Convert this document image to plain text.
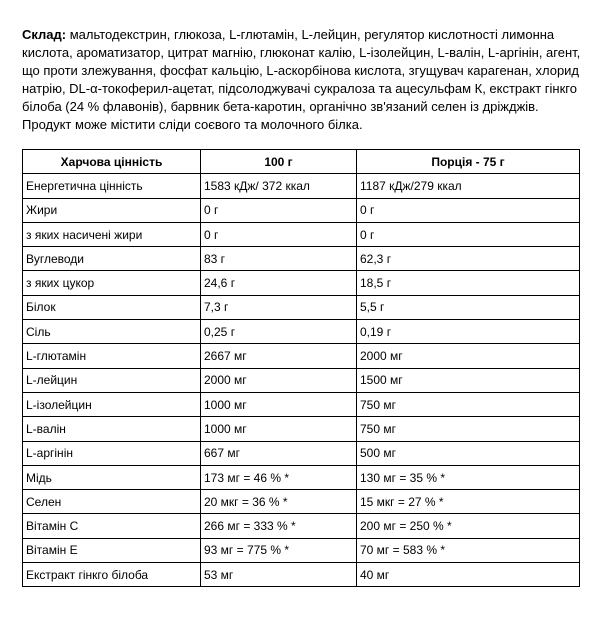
Склад: мальтодекстрин, глюкоза, L-глютамін, L-лейцин, регулятор кислотності лимонна кислота, ароматизатор, цитрат магнію, глюконат калію, L-ізолейцин, L-валін, L-аргінін, агент, що проти злежування, фосфат кальцію, L-аскорбінова кислота, згущувач карагенан, хлорид натрію, DL-α-токоферил-ацетат, підсолоджувачі сукралоза та ацесульфам К, екстракт гінкго білоба (24 % флавонів), барвник бета-каротин, органічно зв'язаний селен із дріжджів. Продукт може містити сліди соєвого та молочного білка.

Харчова цінність	100 г	Порція - 75 г
Енергетична цінність	1583 кДж/ 372 ккал	1187 кДж/279 ккал
Жири	0 г	0 г
з яких насичені жири	0 г	0 г
Вуглеводи	83 г	62,3 г
з яких цукор	24,6 г	18,5 г
Білок	7,3 г	5,5 г
Сіль	0,25 г	0,19 г
L-глютамін	2667 мг	2000 мг
L-лейцин	2000 мг	1500 мг
L-ізолейцин	1000 мг	750 мг
L-валін	1000 мг	750 мг
L-аргінін	667 мг	500 мг
Мідь	173 мг = 46 % *	130 мг = 35 % *
Селен	20 мкг = 36 % *	15 мкг = 27 % *
Вітамін С	266 мг = 333 % *	200 мг = 250 % *
Вітамін Е	93 мг = 775 % *	70 мг = 583 % *
Екстракт гінкго білоба	53 мг	40 мг
